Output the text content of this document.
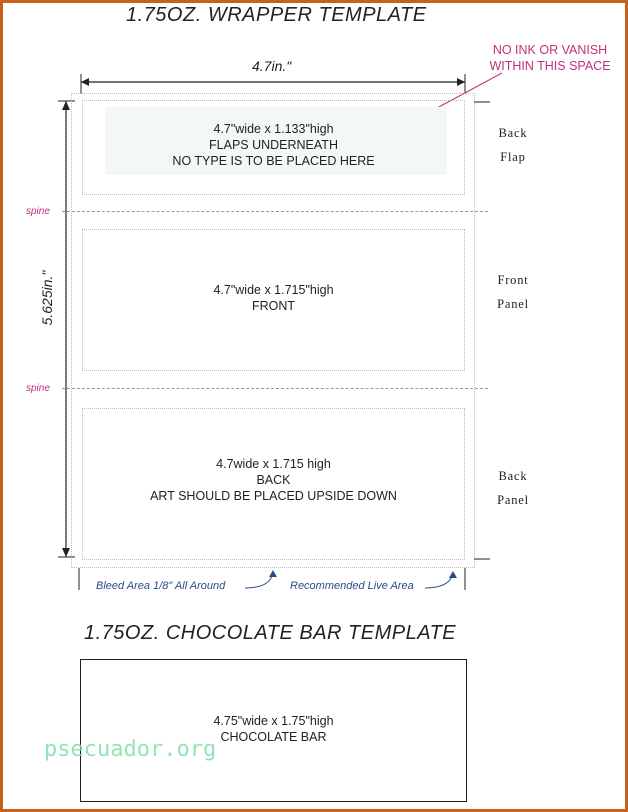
1.75OZ. WRAPPER TEMPLATE
4.7in."
NO INK OR VANISH
WITHIN THIS SPACE
5.625in."
4.7"wide x 1.133"high
FLAPS UNDERNEATH
NO TYPE IS TO BE PLACED HERE
Back
Flap
spine
4.7"wide x 1.715"high
FRONT
Front
Panel
spine
4.7wide x 1.715 high
BACK
ART SHOULD BE PLACED UPSIDE DOWN
Back
Panel
Bleed Area 1/8" All Around	Recommended Live Area
1.75OZ. CHOCOLATE BAR TEMPLATE
4.75"wide x 1.75"high
CHOCOLATE BAR
psecuador.org
